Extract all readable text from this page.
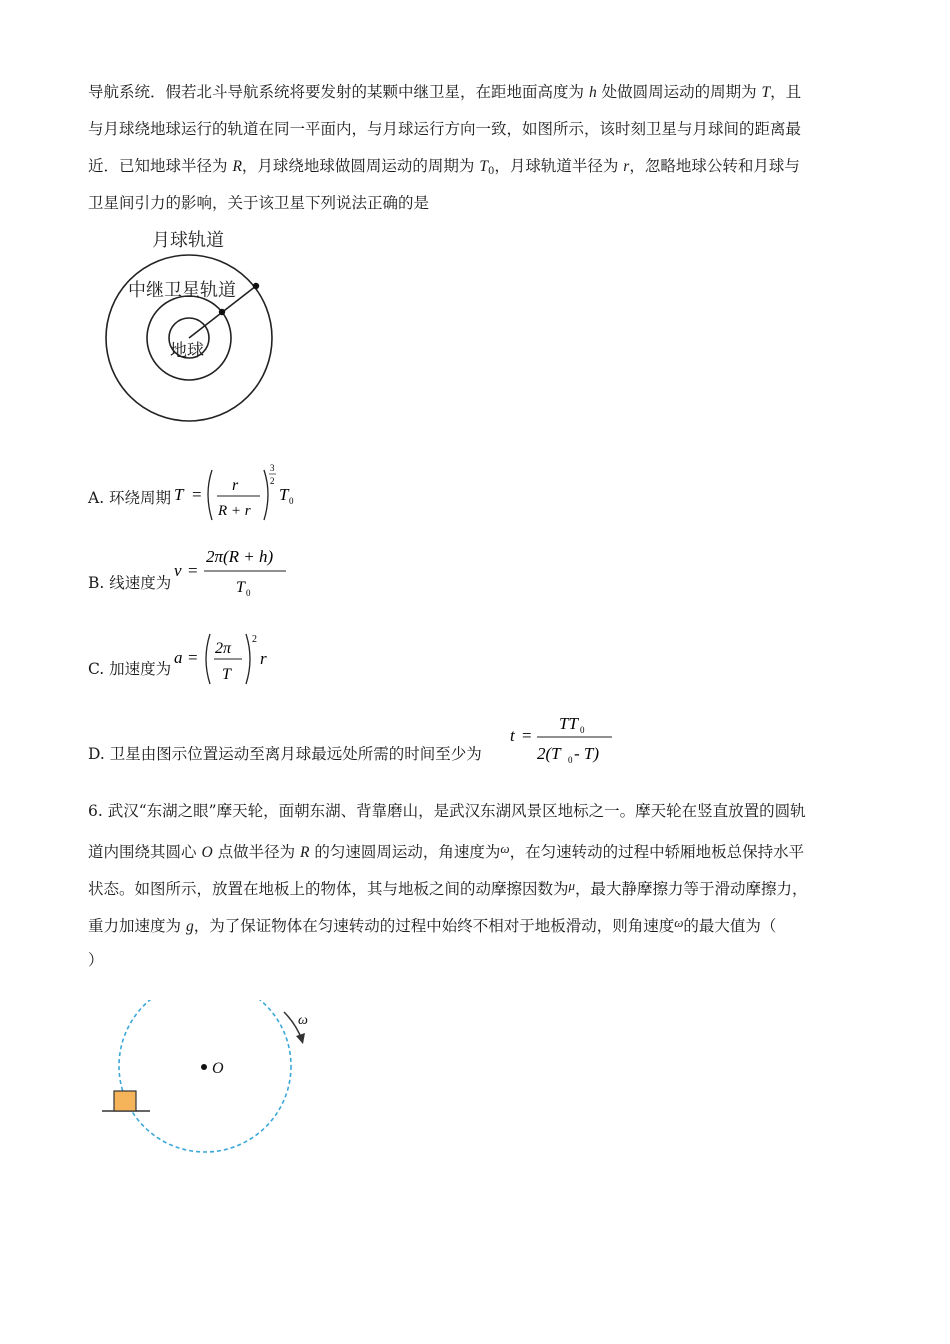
导航系统．假若北斗导航系统将要发射的某颗中继卫星，在距地面高度为 h 处做圆周运动的周期为 T，且
与月球绕地球运行的轨道在同一平面内，与月球运行方向一致，如图所示，该时刻卫星与月球间的距离最
近．已知地球半径为 R，月球绕地球做圆周运动的周期为 $T_0$，月球轨道半径为 r，忽略地球公转和月球与
卫星间引力的影响，关于该卫星下列说法正确的是
月球轨道
中继卫星轨道
地球
A. 环绕周期 T = r
R + r
3
2
T 0
B. 线速度为
v =
2π(R + h)
T 0
C. 加速度为
a = 2π
T
2
r
D. 卫星由图示位置运动至离月球最远处所需的时间至少为
t =
TT 0
2(T 0 - T)
6. 武汉“东湖之眼”摩天轮，面朝东湖、背靠磨山，是武汉东湖风景区地标之一。摩天轮在竖直放置的圆轨
道内围绕其圆心 O 点做半径为 R 的匀速圆周运动，角速度为$^\omega$，在匀速转动的过程中轿厢地板总保持水平
状态。如图所示，放置在地板上的物体，其与地板之间的动摩擦因数为$^\mu$，最大静摩擦力等于滑动摩擦力，
重力加速度为 g，为了保证物体在匀速转动的过程中始终不相对于地板滑动，则角速度$^\omega$的最大值为（
）
O
ω
